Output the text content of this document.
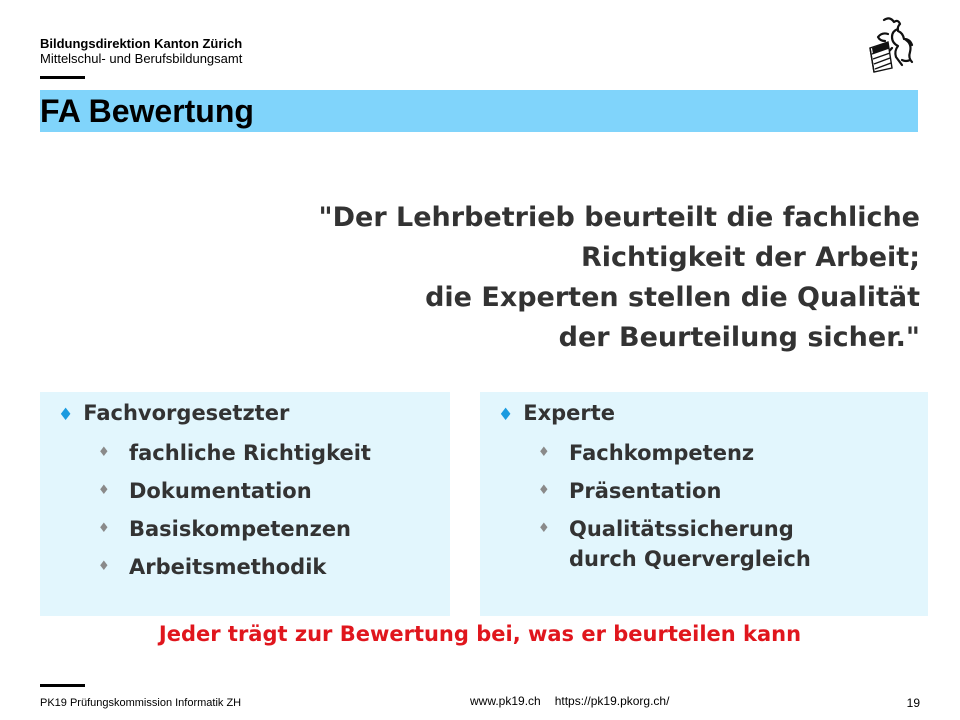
Bildungsdirektion Kanton Zürich
Mittelschul- und Berufsbildungsamt
FA Bewertung
"Der Lehrbetrieb beurteilt die fachliche
Richtigkeit der Arbeit;
die Experten stellen die Qualität
der Beurteilung sicher."
♦ Fachvorgesetzter
♦ fachliche Richtigkeit
♦ Dokumentation
♦ Basiskompetenzen
♦ Arbeitsmethodik
♦ Experte
♦ Fachkompetenz
♦ Präsentation
♦ Qualitätssicherung
durch Quervergleich
Jeder trägt zur Bewertung bei, was er beurteilen kann
PK19 Prüfungskommission Informatik ZH	www.pk19.ch https://pk19.pkorg.ch/	19
